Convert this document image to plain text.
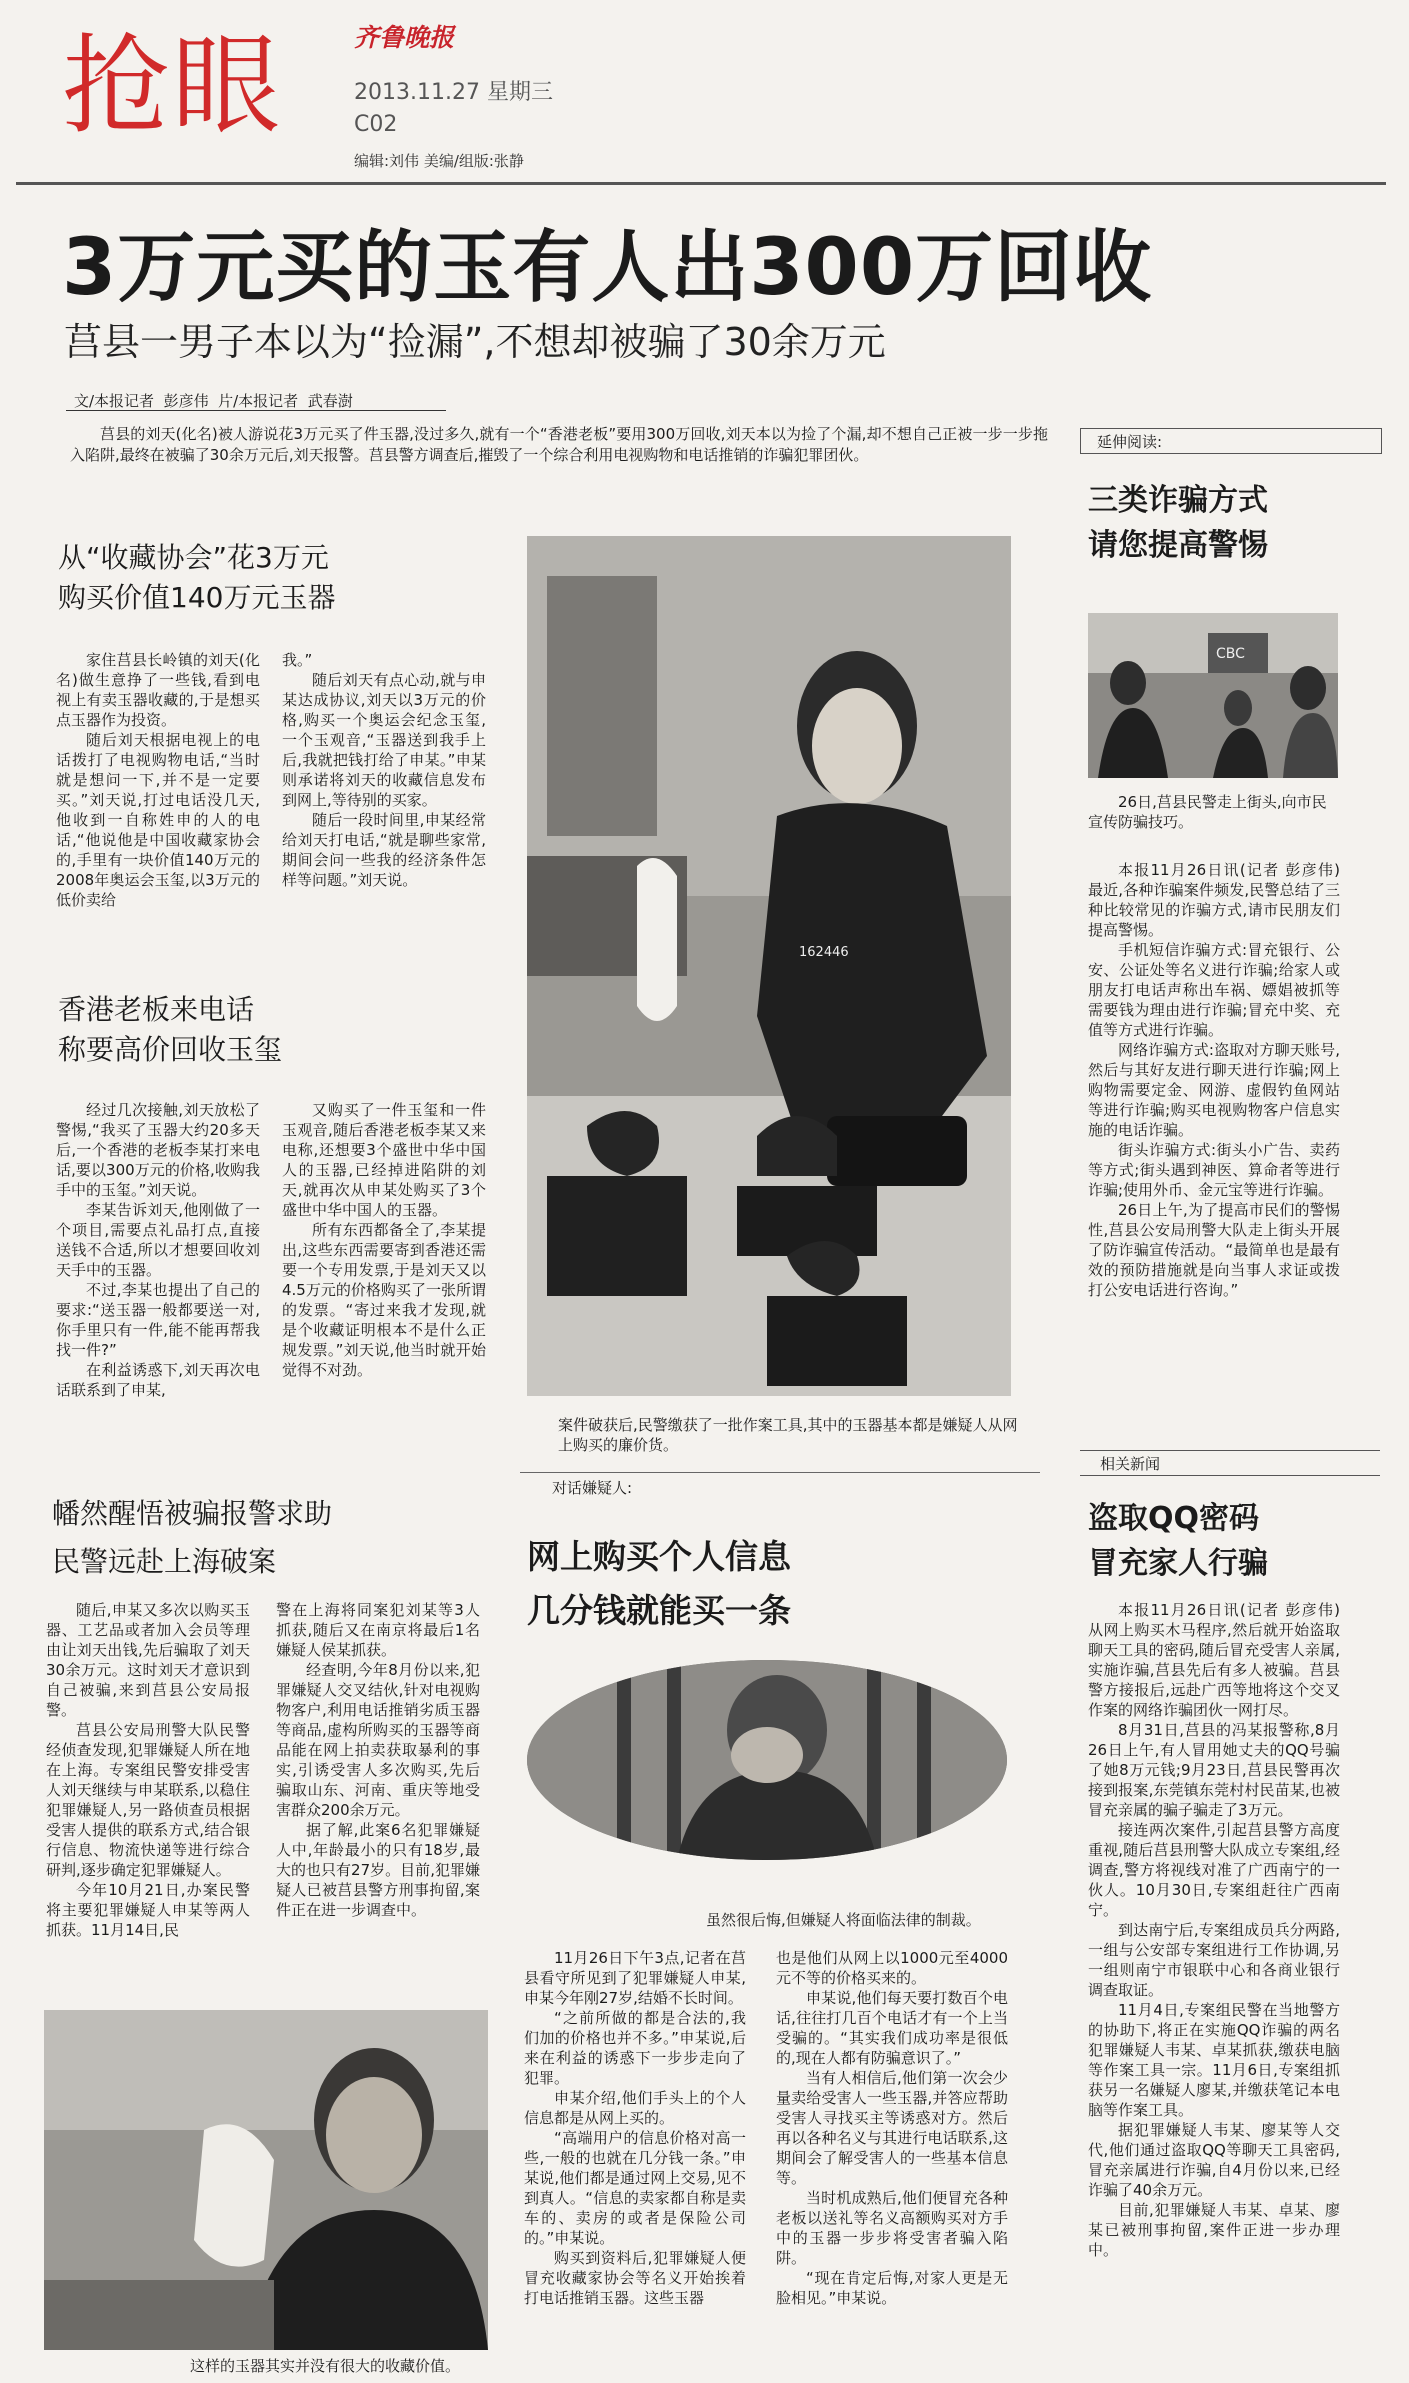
抢眼	齐鲁晚报
2013.11.27 星期三
C02
编辑:刘伟 美编/组版:张静
3万元买的玉有人出300万回收
莒县一男子本以为“捡漏”,不想却被骗了30余万元
文/本报记者  彭彦伟  片/本报记者  武春澍

莒县的刘天(化名)被人游说花3万元买了件玉器,没过多久,就有一个“香港老板”要用300万回收,刘天本以为捡了个漏,却不想自己正被一步一步拖入陷阱,最终在被骗了30余万元后,刘天报警。莒县警方调查后,摧毁了一个综合利用电视购物和电话推销的诈骗犯罪团伙。

从“收藏协会”花3万元
购买价值140万元玉器

家住莒县长岭镇的刘天(化名)做生意挣了一些钱,看到电视上有卖玉器收藏的,于是想买点玉器作为投资。

随后刘天根据电视上的电话拨打了电视购物电话,“当时就是想问一下,并不是一定要买。”刘天说,打过电话没几天,他收到一自称姓申的人的电话,“他说他是中国收藏家协会的,手里有一块价值140万元的2008年奥运会玉玺,以3万元的低价卖给

我。”

随后刘天有点心动,就与申某达成协议,刘天以3万元的价格,购买一个奥运会纪念玉玺,一个玉观音,“玉器送到我手上后,我就把钱打给了申某。”申某则承诺将刘天的收藏信息发布到网上,等待别的买家。

随后一段时间里,申某经常给刘天打电话,“就是聊些家常,期间会问一些我的经济条件怎样等问题。”刘天说。

香港老板来电话
称要高价回收玉玺

经过几次接触,刘天放松了警惕,“我买了玉器大约20多天后,一个香港的老板李某打来电话,要以300万元的价格,收购我手中的玉玺。”刘天说。

李某告诉刘天,他刚做了一个项目,需要点礼品打点,直接送钱不合适,所以才想要回收刘天手中的玉器。

不过,李某也提出了自己的要求:“送玉器一般都要送一对,你手里只有一件,能不能再帮我找一件?”

在利益诱惑下,刘天再次电话联系到了申某,

又购买了一件玉玺和一件玉观音,随后香港老板李某又来电称,还想要3个盛世中华中国人的玉器,已经掉进陷阱的刘天,就再次从申某处购买了3个盛世中华中国人的玉器。

所有东西都备全了,李某提出,这些东西需要寄到香港还需要一个专用发票,于是刘天又以4.5万元的价格购买了一张所谓的发票。“寄过来我才发现,就是个收藏证明根本不是什么正规发票。”刘天说,他当时就开始觉得不对劲。

162446
案件破获后,民警缴获了一批作案工具,其中的玉器基本都是嫌疑人从网上购买的廉价货。
对话嫌疑人:
网上购买个人信息
几分钱就能买一条
虽然很后悔,但嫌疑人将面临法律的制裁。

11月26日下午3点,记者在莒县看守所见到了犯罪嫌疑人申某,申某今年刚27岁,结婚不长时间。

“之前所做的都是合法的,我们加的价格也并不多。”申某说,后来在利益的诱惑下一步步走向了犯罪。

申某介绍,他们手头上的个人信息都是从网上买的。

“高端用户的信息价格对高一些,一般的也就在几分钱一条。”申某说,他们都是通过网上交易,见不到真人。“信息的卖家都自称是卖车的、卖房的或者是保险公司的。”申某说。

购买到资料后,犯罪嫌疑人便冒充收藏家协会等名义开始挨着打电话推销玉器。这些玉器

也是他们从网上以1000元至4000元不等的价格买来的。

申某说,他们每天要打数百个电话,往往打几百个电话才有一个上当受骗的。“其实我们成功率是很低的,现在人都有防骗意识了。”

当有人相信后,他们第一次会少量卖给受害人一些玉器,并答应帮助受害人寻找买主等诱惑对方。然后再以各种名义与其进行电话联系,这期间会了解受害人的一些基本信息等。

当时机成熟后,他们便冒充各种老板以送礼等名义高额购买对方手中的玉器一步步将受害者骗入陷阱。

“现在肯定后悔,对家人更是无脸相见。”申某说。

幡然醒悟被骗报警求助
民警远赴上海破案

随后,申某又多次以购买玉器、工艺品或者加入会员等理由让刘天出钱,先后骗取了刘天30余万元。这时刘天才意识到自己被骗,来到莒县公安局报警。

莒县公安局刑警大队民警经侦查发现,犯罪嫌疑人所在地在上海。专案组民警安排受害人刘天继续与申某联系,以稳住犯罪嫌疑人,另一路侦查员根据受害人提供的联系方式,结合银行信息、物流快递等进行综合研判,逐步确定犯罪嫌疑人。

今年10月21日,办案民警将主要犯罪嫌疑人申某等两人抓获。11月14日,民

警在上海将同案犯刘某等3人抓获,随后又在南京将最后1名嫌疑人侯某抓获。

经查明,今年8月份以来,犯罪嫌疑人交叉结伙,针对电视购物客户,利用电话推销劣质玉器等商品,虚构所购买的玉器等商品能在网上拍卖获取暴利的事实,引诱受害人多次购买,先后骗取山东、河南、重庆等地受害群众200余万元。

据了解,此案6名犯罪嫌疑人中,年龄最小的只有18岁,最大的也只有27岁。目前,犯罪嫌疑人已被莒县警方刑事拘留,案件正在进一步调查中。

这样的玉器其实并没有很大的收藏价值。
延伸阅读:
三类诈骗方式
请您提高警惕
CBC
26日,莒县民警走上街头,向市民宣传防骗技巧。

本报11月26日讯(记者 彭彦伟) 最近,各种诈骗案件频发,民警总结了三种比较常见的诈骗方式,请市民朋友们提高警惕。

手机短信诈骗方式:冒充银行、公安、公证处等名义进行诈骗;给家人或朋友打电话声称出车祸、嫖娼被抓等需要钱为理由进行诈骗;冒充中奖、充值等方式进行诈骗。

网络诈骗方式:盗取对方聊天账号,然后与其好友进行聊天进行诈骗;网上购物需要定金、网游、虚假钓鱼网站等进行诈骗;购买电视购物客户信息实施的电话诈骗。

街头诈骗方式:街头小广告、卖药等方式;街头遇到神医、算命者等进行诈骗;使用外币、金元宝等进行诈骗。

26日上午,为了提高市民们的警惕性,莒县公安局刑警大队走上街头开展了防诈骗宣传活动。“最简单也是最有效的预防措施就是向当事人求证或拨打公安电话进行咨询。”

相关新闻
盗取QQ密码
冒充家人行骗

本报11月26日讯(记者 彭彦伟) 从网上购买木马程序,然后就开始盗取聊天工具的密码,随后冒充受害人亲属,实施诈骗,莒县先后有多人被骗。莒县警方接报后,远赴广西等地将这个交叉作案的网络诈骗团伙一网打尽。

8月31日,莒县的冯某报警称,8月26日上午,有人冒用她丈夫的QQ号骗了她8万元钱;9月23日,莒县民警再次接到报案,东莞镇东莞村村民苗某,也被冒充亲属的骗子骗走了3万元。

接连两次案件,引起莒县警方高度重视,随后莒县刑警大队成立专案组,经调查,警方将视线对准了广西南宁的一伙人。10月30日,专案组赶往广西南宁。

到达南宁后,专案组成员兵分两路,一组与公安部专案组进行工作协调,另一组则南宁市银联中心和各商业银行调查取证。

11月4日,专案组民警在当地警方的协助下,将正在实施QQ诈骗的两名犯罪嫌疑人韦某、卓某抓获,缴获电脑等作案工具一宗。11月6日,专案组抓获另一名嫌疑人廖某,并缴获笔记本电脑等作案工具。

据犯罪嫌疑人韦某、廖某等人交代,他们通过盗取QQ等聊天工具密码,冒充亲属进行诈骗,自4月份以来,已经诈骗了40余万元。

目前,犯罪嫌疑人韦某、卓某、廖某已被刑事拘留,案件正进一步办理中。
